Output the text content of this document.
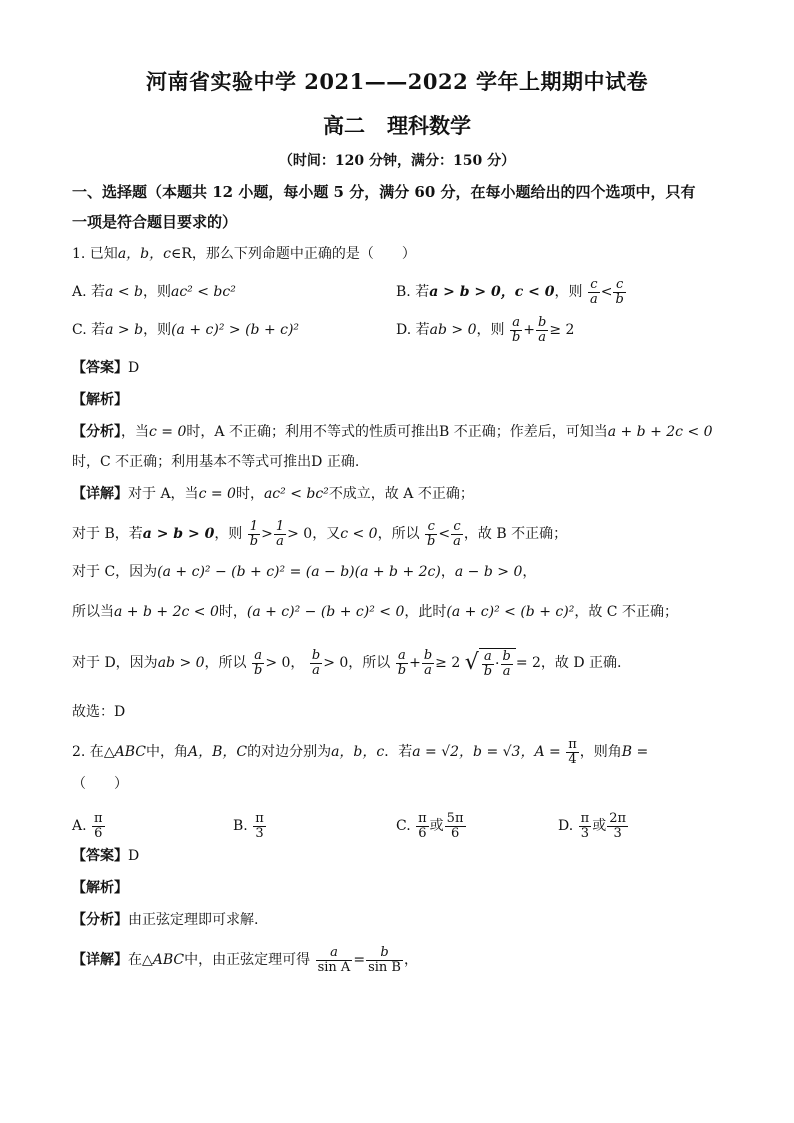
河南省实验中学 2021——2022 学年上期期中试卷
高二 理科数学
（时间：120 分钟，满分：150 分）
一、选择题（本题共 12 小题，每小题 5 分，满分 60 分，在每小题给出的四个选项中，只有
一项是符合题目要求的）
1. 已知a，b，c∈R，那么下列命题中正确的是（　　）
A. 若a < b，则ac² < bc²	B. 若a > b > 0，c < 0，则 $\frac{c}{a} < \frac{c}{b}$
C. 若a > b，则(a + c)² > (b + c)²	D. 若ab > 0，则 $\frac{a}{b} + \frac{b}{a} \ge 2$
【答案】D
【解析】
【分析】，当c = 0时，A 不正确；利用不等式的性质可推出B 不正确；作差后，可知当a + b + 2c < 0
时，C 不正确；利用基本不等式可推出D 正确.
【详解】对于 A，当c = 0时，ac² < bc²不成立，故 A 不正确；
对于 B，若a > b > 0，则 $\frac{1}{b} > \frac{1}{a} > 0$，又c < 0，所以 $\frac{c}{b} < \frac{c}{a}$ ，故 B 不正确；
对于 C，因为(a + c)² − (b + c)² = (a − b)(a + b + 2c)，a − b > 0，
所以当a + b + 2c < 0时，(a + c)² − (b + c)² < 0，此时(a + c)² < (b + c)²，故 C 不正确；
对于 D，因为ab > 0，所以 $\frac{a}{b} > 0$， $\frac{b}{a} > 0$，所以 $\frac{a}{b} + \frac{b}{a} \ge 2$ √ $\frac{a}{b} \cdot \frac{b}{a} = 2$，故 D 正确.
故选：D
2. 在△ABC中，角A，B，C的对边分别为a，b，c．若a = √2，b = √3，$A = \frac{\pi}{4}$ ，则角B =
（　　）
A. $\frac{\pi}{6}$	B. $\frac{\pi}{3}$	C. $\frac{\pi}{6}$ 或 $\frac{5\pi}{6}$	D. $\frac{\pi}{3}$ 或 $\frac{2\pi}{3}$
【答案】D
【解析】
【分析】由正弦定理即可求解.
【详解】在△ABC中，由正弦定理可得 $\frac{a}{\text{sin A}} = \frac{b}{\text{sin B}}$ ，
